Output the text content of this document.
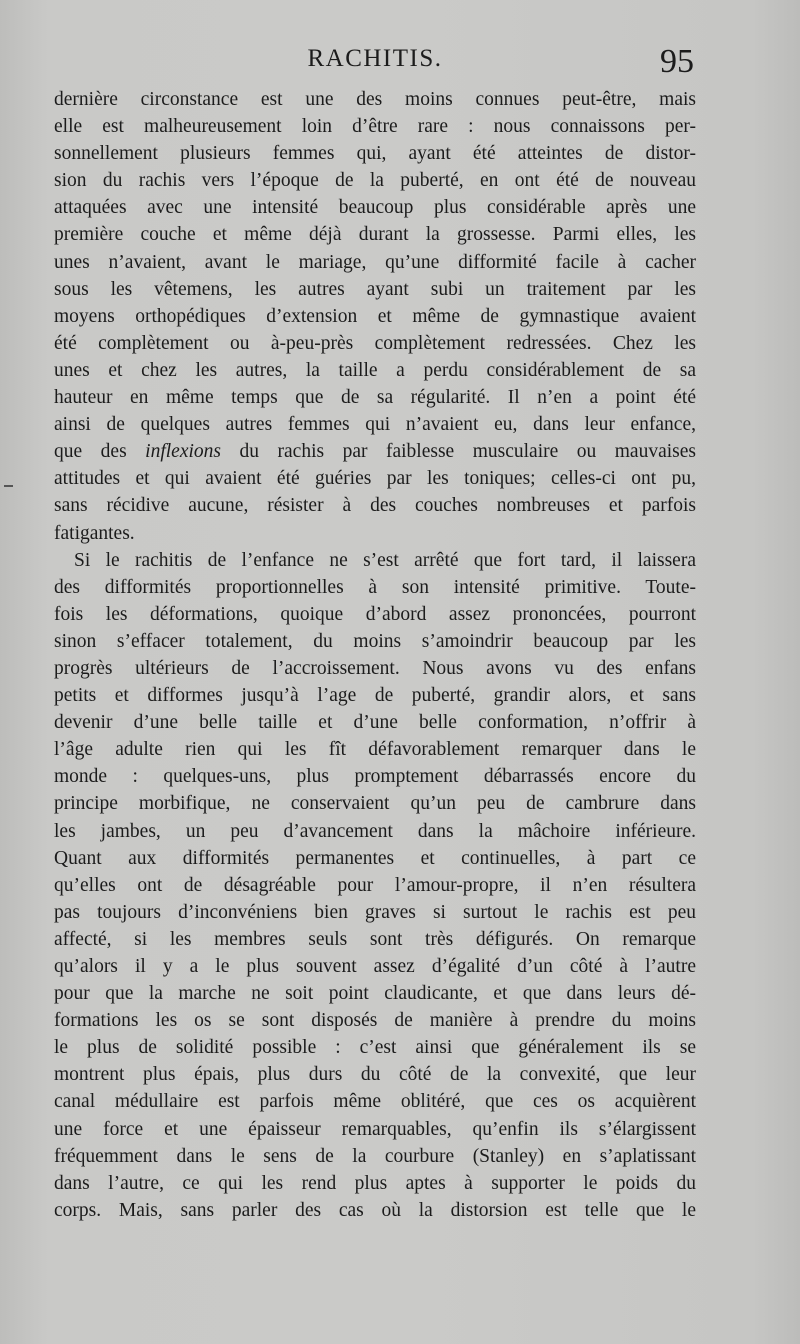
RACHITIS.	95
dernière circonstance est une des moins connues peut-être, mais
elle est malheureusement loin d’être rare : nous connaissons per-
sonnellement plusieurs femmes qui, ayant été atteintes de distor-
sion du rachis vers l’époque de la puberté, en ont été de nouveau
attaquées avec une intensité beaucoup plus considérable après une
première couche et même déjà durant la grossesse. Parmi elles, les
unes n’avaient, avant le mariage, qu’une difformité facile à cacher
sous les vêtemens, les autres ayant subi un traitement par les
moyens orthopédiques d’extension et même de gymnastique avaient
été complètement ou à-peu-près complètement redressées. Chez les
unes et chez les autres, la taille a perdu considérablement de sa
hauteur en même temps que de sa régularité. Il n’en a point été
ainsi de quelques autres femmes qui n’avaient eu, dans leur enfance,
que des inflexions du rachis par faiblesse musculaire ou mauvaises
attitudes et qui avaient été guéries par les toniques; celles-ci ont pu,
sans récidive aucune, résister à des couches nombreuses et parfois
fatigantes.
Si le rachitis de l’enfance ne s’est arrêté que fort tard, il laissera
des difformités proportionnelles à son intensité primitive. Toute-
fois les déformations, quoique d’abord assez prononcées, pourront
sinon s’effacer totalement, du moins s’amoindrir beaucoup par les
progrès ultérieurs de l’accroissement. Nous avons vu des enfans
petits et difformes jusqu’à l’age de puberté, grandir alors, et sans
devenir d’une belle taille et d’une belle conformation, n’offrir à
l’âge adulte rien qui les fît défavorablement remarquer dans le
monde : quelques-uns, plus promptement débarrassés encore du
principe morbifique, ne conservaient qu’un peu de cambrure dans
les jambes, un peu d’avancement dans la mâchoire inférieure.
Quant aux difformités permanentes et continuelles, à part ce
qu’elles ont de désagréable pour l’amour-propre, il n’en résultera
pas toujours d’inconvéniens bien graves si surtout le rachis est peu
affecté, si les membres seuls sont très défigurés. On remarque
qu’alors il y a le plus souvent assez d’égalité d’un côté à l’autre
pour que la marche ne soit point claudicante, et que dans leurs dé-
formations les os se sont disposés de manière à prendre du moins
le plus de solidité possible : c’est ainsi que généralement ils se
montrent plus épais, plus durs du côté de la convexité, que leur
canal médullaire est parfois même oblitéré, que ces os acquièrent
une force et une épaisseur remarquables, qu’enfin ils s’élargissent
fréquemment dans le sens de la courbure (Stanley) en s’aplatissant
dans l’autre, ce qui les rend plus aptes à supporter le poids du
corps. Mais, sans parler des cas où la distorsion est telle que le
